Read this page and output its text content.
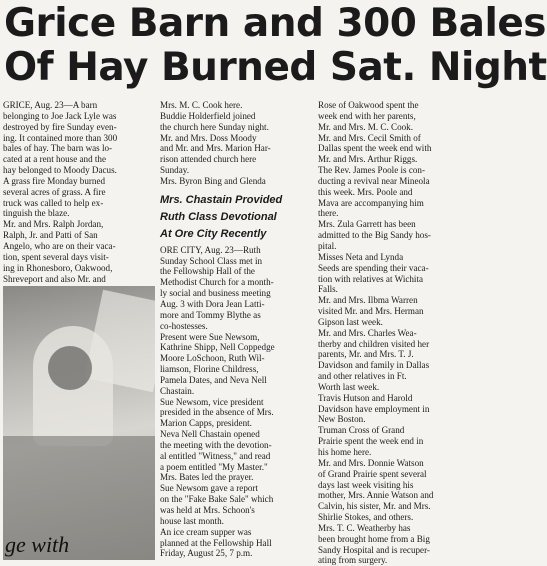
Grice Barn and 300 Bales
Of Hay Burned Sat. Night
GRICE, Aug. 23—A barn
belonging to Joe Jack Lyle was
destroyed by fire Sunday even-
ing. It contained more than 300
bales of hay. The barn was lo-
cated at a rent house and the
hay belonged to Moody Dacus.
A grass fire Monday burned
several acres of grass. A fire
truck was called to help ex-
tinguish the blaze.
Mr. and Mrs. Ralph Jordan,
Ralph, Jr. and Patti of San
Angelo, who are on their vaca-
tion, spent several days visit-
ing in Rhonesboro, Oakwood,
Shreveport and also Mr. and
ge with
Mrs. M. C. Cook here.
Buddie Holderfield joined
the church here Sunday night.
Mr. and Mrs. Doss Moody
and Mr. and Mrs. Marion Har-
rison attended church here
Sunday.
Mrs. Byron Bing and Glenda
Mrs. Chastain Provided
Ruth Class Devotional
At Ore City Recently
ORE CITY, Aug. 23—Ruth
Sunday School Class met in
the Fellowship Hall of the
Methodist Church for a month-
ly social and business meeting
Aug. 3 with Dora Jean Latti-
more and Tommy Blythe as
co-hostesses.
Present were Sue Newsom,
Kathrine Shipp, Nell Coppedge
Moore LoSchoon, Ruth Wil-
liamson, Florine Childress,
Pamela Dates, and Neva Nell
Chastain.
Sue Newsom, vice president
presided in the absence of Mrs.
Marion Capps, president.
Neva Nell Chastain opened
the meeting with the devotion-
al entitled "Witness," and read
a poem entitled "My Master."
Mrs. Bates led the prayer.
Sue Newsom gave a report
on the "Fake Bake Sale" which
was held at Mrs. Schoon's
house last month.
An ice cream supper was
planned at the Fellowship Hall
Friday, August 25, 7 p.m.
Rose of Oakwood spent the
week end with her parents,
Mr. and Mrs. M. C. Cook.
Mr. and Mrs. Cecil Smith of
Dallas spent the week end with
Mr. and Mrs. Arthur Riggs.
The Rev. James Poole is con-
ducting a revival near Mineola
this week. Mrs. Poole and
Mava are accompanying him
there.
Mrs. Zula Garrett has been
admitted to the Big Sandy hos-
pital.
Misses Neta and Lynda
Seeds are spending their vaca-
tion with relatives at Wichita
Falls.
Mr. and Mrs. Ilbma Warren
visited Mr. and Mrs. Herman
Gipson last week.
Mr. and Mrs. Charles Wea-
therby and children visited her
parents, Mr. and Mrs. T. J.
Davidson and family in Dallas
and other relatives in Ft.
Worth last week.
Travis Hutson and Harold
Davidson have employment in
New Boston.
Truman Cross of Grand
Prairie spent the week end in
his home here.
Mr. and Mrs. Donnie Watson
of Grand Prairie spent several
days last week visiting his
mother, Mrs. Annie Watson and
Calvin, his sister, Mr. and Mrs.
Shirlie Stokes, and others.
Mrs. T. C. Weatherby has
been brought home from a Big
Sandy Hospital and is recuper-
ating from surgery.
